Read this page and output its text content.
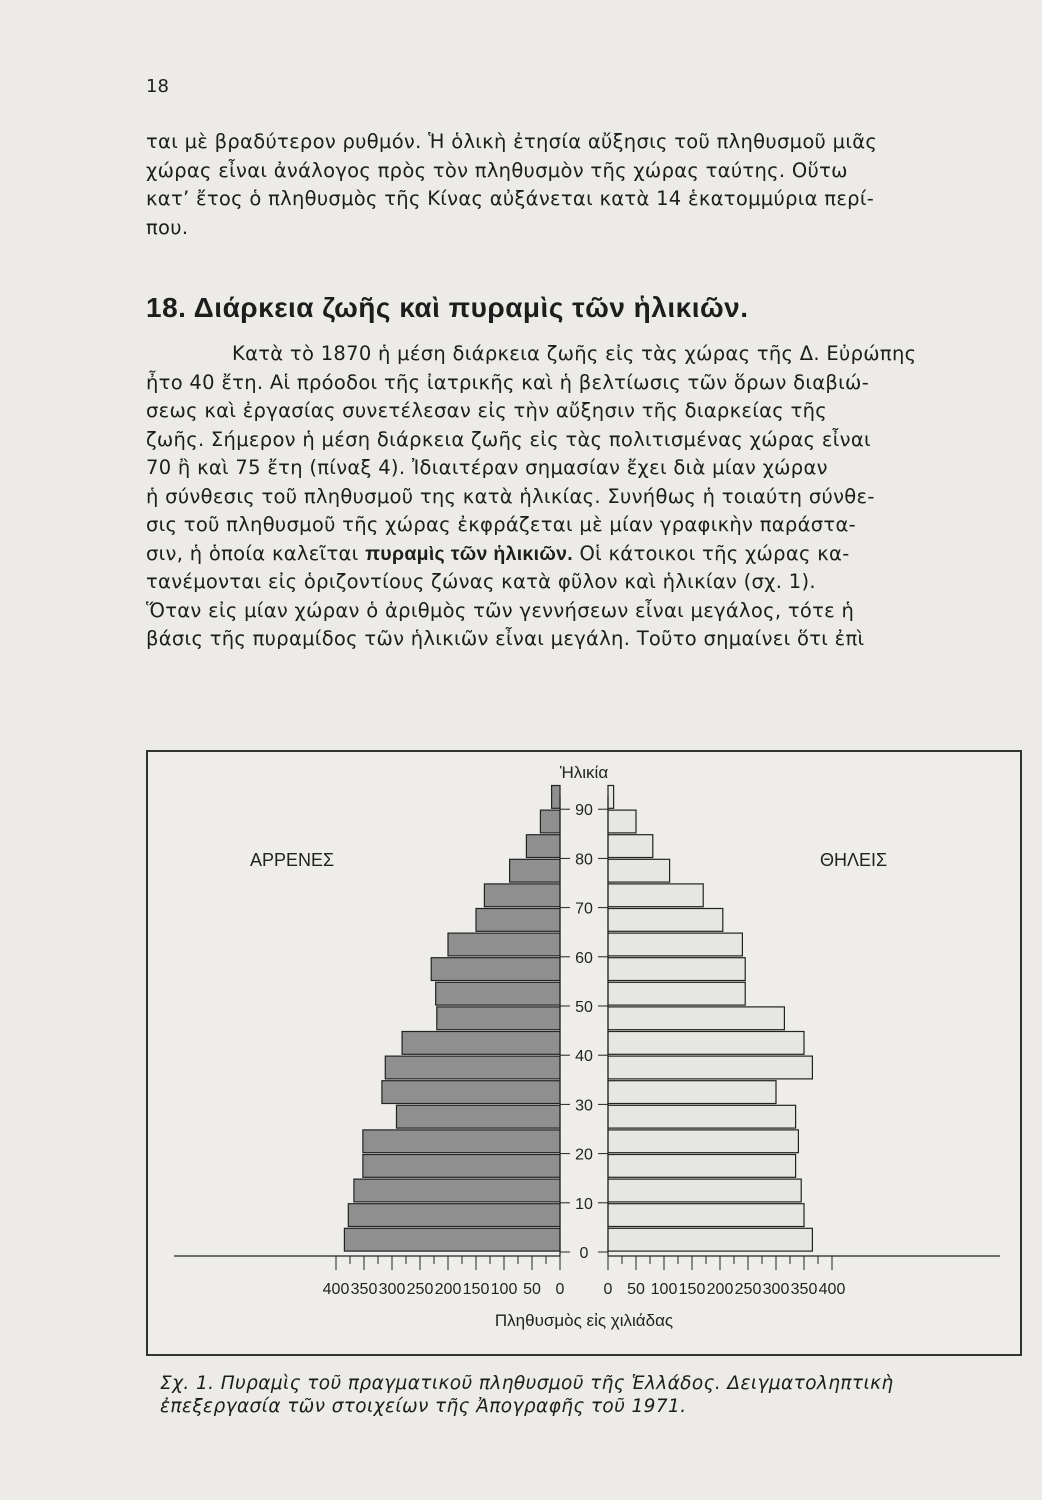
18

ται μὲ βραδύτερον ρυθμόν. Ἡ ὁλικὴ ἐτησία αὔξησις τοῦ πληθυσμοῦ μιᾶς
χώρας εἶναι ἀνάλογος πρὸς τὸν πληθυσμὸν τῆς χώρας ταύτης. Οὕτω
κατ’ ἔτος ὁ πληθυσμὸς τῆς Κίνας αὐξάνεται κατὰ 14 ἑκατομμύρια περί-
που.

18. Διάρκεια ζωῆς καὶ πυραμὶς τῶν ἡλικιῶν.

Κατὰ τὸ 1870 ἡ μέση διάρκεια ζωῆς εἰς τὰς χώρας τῆς Δ. Εὐρώπης
ἦτο 40 ἔτη. Αἱ πρόοδοι τῆς ἰατρικῆς καὶ ἡ βελτίωσις τῶν ὅρων διαβιώ-
σεως καὶ ἐργασίας συνετέλεσαν εἰς τὴν αὔξησιν τῆς διαρκείας τῆς
ζωῆς. Σήμερον ἡ μέση διάρκεια ζωῆς εἰς τὰς πολιτισμένας χώρας εἶναι
70 ἢ καὶ 75 ἔτη (πίναξ 4). Ἰδιαιτέραν σημασίαν ἔχει διὰ μίαν χώραν
ἡ σύνθεσις τοῦ πληθυσμοῦ της κατὰ ἡλικίας. Συνήθως ἡ τοιαύτη σύνθε-
σις τοῦ πληθυσμοῦ τῆς χώρας ἐκφράζεται μὲ μίαν γραφικὴν παράστα-
σιν, ἡ ὁποία καλεῖται πυραμὶς τῶν ἡλικιῶν. Οἱ κάτοικοι τῆς χώρας κα-
τανέμονται εἰς ὁριζοντίους ζώνας κατὰ φῦλον καὶ ἡλικίαν (σχ. 1).
Ὅταν εἰς μίαν χώραν ὁ ἀριθμὸς τῶν γεννήσεων εἶναι μεγάλος, τότε ἡ
βάσις τῆς πυραμίδος τῶν ἡλικιῶν εἶναι μεγάλη. Τοῦτο σημαίνει ὅτι ἐπὶ

0
10
20
30
40
50
60
70
80
90
Ἡλικία
400 350 300 250 200 150 100 50 0 0 50 100 150 200 250 300 350 400
Πληθυσμὸς εἰς χιλιάδας
ΑΡΡΕΝΕΣ	ΘΗΛΕΙΣ

Σχ. 1. Πυραμὶς τοῦ πραγματικοῦ πληθυσμοῦ τῆς Ἑλλάδος. Δειγματοληπτικὴ
ἐπεξεργασία τῶν στοιχείων τῆς Ἀπογραφῆς τοῦ 1971.
